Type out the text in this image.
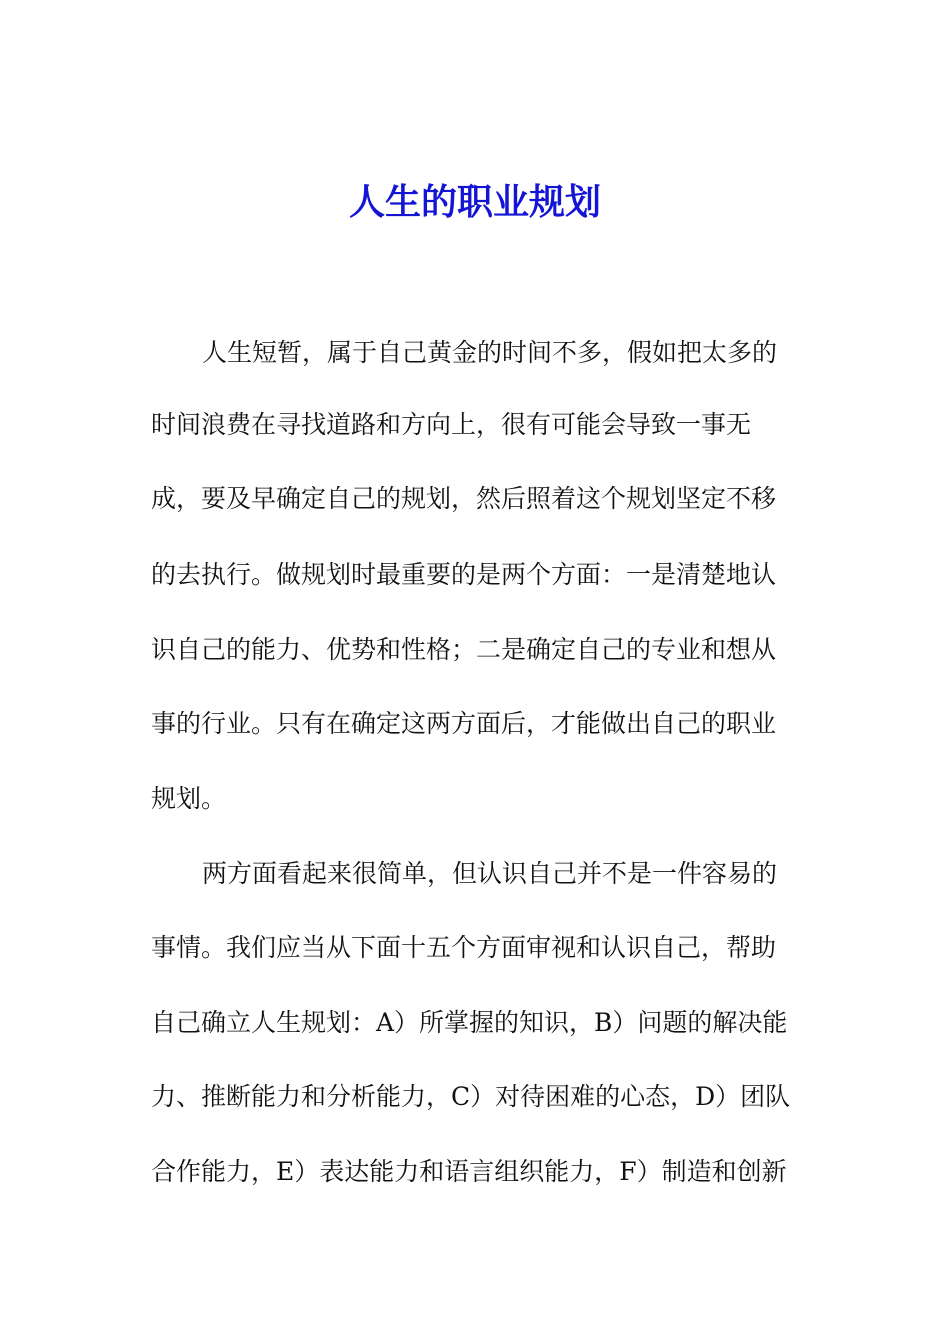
人生的职业规划

人生短暂，属于自己黄金的时间不多，假如把太多的

时间浪费在寻找道路和方向上，很有可能会导致一事无

成，要及早确定自己的规划，然后照着这个规划坚定不移

的去执行。做规划时最重要的是两个方面：一是清楚地认

识自己的能力、优势和性格；二是确定自己的专业和想从

事的行业。只有在确定这两方面后，才能做出自己的职业

规划。

两方面看起来很简单，但认识自己并不是一件容易的

事情。我们应当从下面十五个方面审视和认识自己，帮助

自己确立人生规划：A）所掌握的知识，B）问题的解决能

力、推断能力和分析能力，C）对待困难的心态，D）团队

合作能力，E）表达能力和语言组织能力，F）制造和创新
